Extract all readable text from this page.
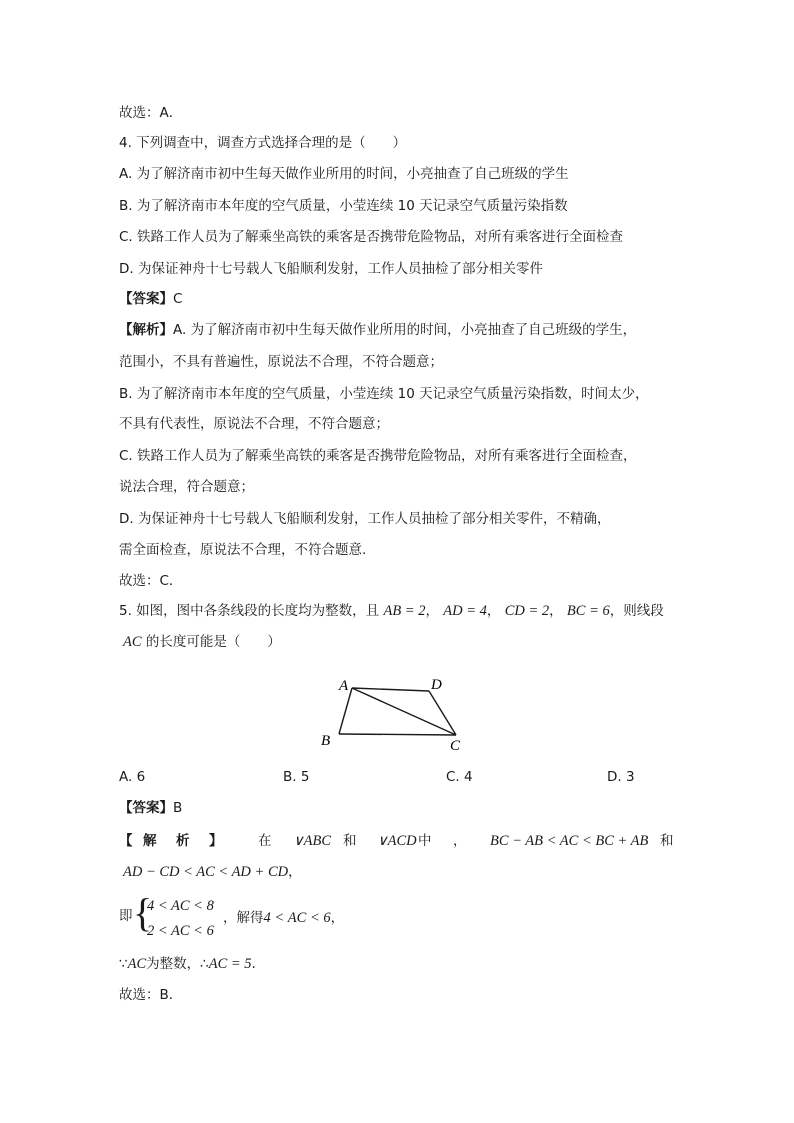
故选：A．
4. 下列调查中，调查方式选择合理的是（　　）
A. 为了解济南市初中生每天做作业所用的时间，小亮抽查了自己班级的学生
B. 为了解济南市本年度的空气质量，小莹连续 10 天记录空气质量污染指数
C. 铁路工作人员为了解乘坐高铁的乘客是否携带危险物品，对所有乘客进行全面检查
D. 为保证神舟十七号载人飞船顺利发射，工作人员抽检了部分相关零件
【答案】C
【解析】A. 为了解济南市初中生每天做作业所用的时间，小亮抽查了自己班级的学生，
范围小，不具有普遍性，原说法不合理，不符合题意；
B. 为了解济南市本年度的空气质量，小莹连续 10 天记录空气质量污染指数，时间太少，
不具有代表性，原说法不合理，不符合题意；
C. 铁路工作人员为了解乘坐高铁的乘客是否携带危险物品，对所有乘客进行全面检查，
说法合理，符合题意；
D. 为保证神舟十七号载人飞船顺利发射，工作人员抽检了部分相关零件，不精确，
需全面检查，原说法不合理，不符合题意.
故选：C．
5. 如图，图中各条线段的长度均为整数，且 AB = 2， AD = 4， CD = 2， BC = 6，则线段
AC 的长度可能是（　　）
A
B	C
D
A. 6	B. 5	C. 4	D. 3
【答案】B
【 解 析 】	在 ∨ABC 和 ∨ACD 中 ， BC − AB < AC < BC + AB 和
AD − CD < AC < AD + CD，
即 {
4 < AC < 8
2 < AC < 6
，解得4 < AC < 6，
∵AC为整数，∴AC = 5.
故选：B．
